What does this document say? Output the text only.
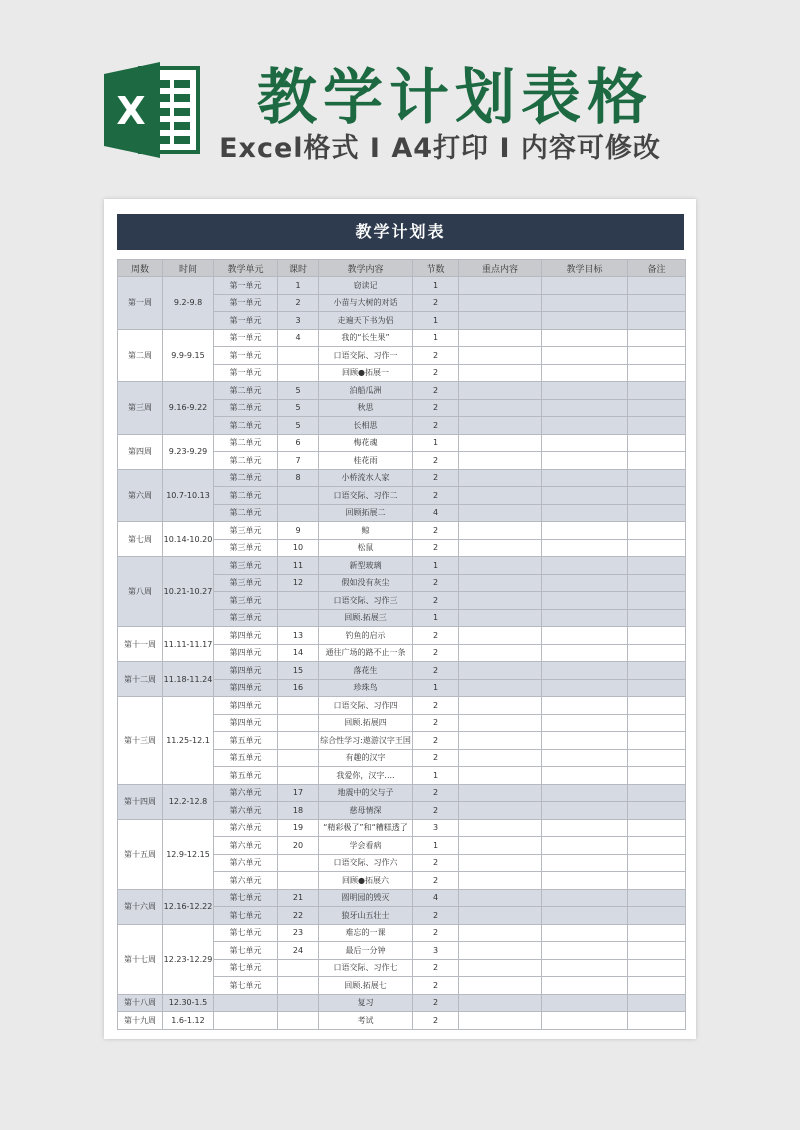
X	教学计划表格
Excel格式 I A4打印 I 内容可修改
教学计划表
周数	时间	教学单元	课时	教学内容	节数	重点内容	教学目标	备注
第一周	9.2-9.8	第一单元	1	窃读记	1			
		第一单元	2	小苗与大树的对话	2			
		第一单元	3	走遍天下书为侣	1			
第二周	9.9-9.15	第一单元	4	我的“长生果”	1			
		第一单元		口语交际、习作一	2			
		第一单元		回顾●拓展一	2			
第三周	9.16-9.22	第二单元	5	泊船瓜洲	2			
		第二单元	5	秋思	2			
		第二单元	5	长相思	2			
第四周	9.23-9.29	第二单元	6	梅花魂	1			
		第二单元	7	桂花雨	2			
第六周	10.7-10.13	第二单元	8	小桥流水人家	2			
		第二单元		口语交际、习作二	2			
		第二单元		回顾拓展二	4			
第七周	10.14-10.20	第三单元	9	鲸	2			
		第三单元	10	松鼠	2			
第八周	10.21-10.27	第三单元	11	新型玻璃	1			
		第三单元	12	假如没有灰尘	2			
		第三单元		口语交际、习作三	2			
		第三单元		回顾.拓展三	1			
第十一周	11.11-11.17	第四单元	13	钓鱼的启示	2			
		第四单元	14	通往广场的路不止一条	2			
第十二周	11.18-11.24	第四单元	15	落花生	2			
		第四单元	16	珍珠鸟	1			
第十三周	11.25-12.1	第四单元		口语交际、习作四	2			
		第四单元		回顾.拓展四	2			
		第五单元		综合性学习:遨游汉字王国	2			
		第五单元		有趣的汉字	2			
		第五单元		我爱你，汉字....	1			
第十四周	12.2-12.8	第六单元	17	地震中的父与子	2			
		第六单元	18	慈母情深	2			
第十五周	12.9-12.15	第六单元	19	“精彩极了”和“糟糕透了	3			
		第六单元	20	学会看病	1			
		第六单元		口语交际、习作六	2			
		第六单元		回顾●拓展六	2			
第十六周	12.16-12.22	第七单元	21	圆明园的毁灭	4			
		第七单元	22	狼牙山五壮士	2			
第十七周	12.23-12.29	第七单元	23	难忘的一课	2			
		第七单元	24	最后一分钟	3			
		第七单元		口语交际、习作七	2			
		第七单元		回顾.拓展七	2			
第十八周	12.30-1.5			复习	2			
第十九周	1.6-1.12			考试	2			
